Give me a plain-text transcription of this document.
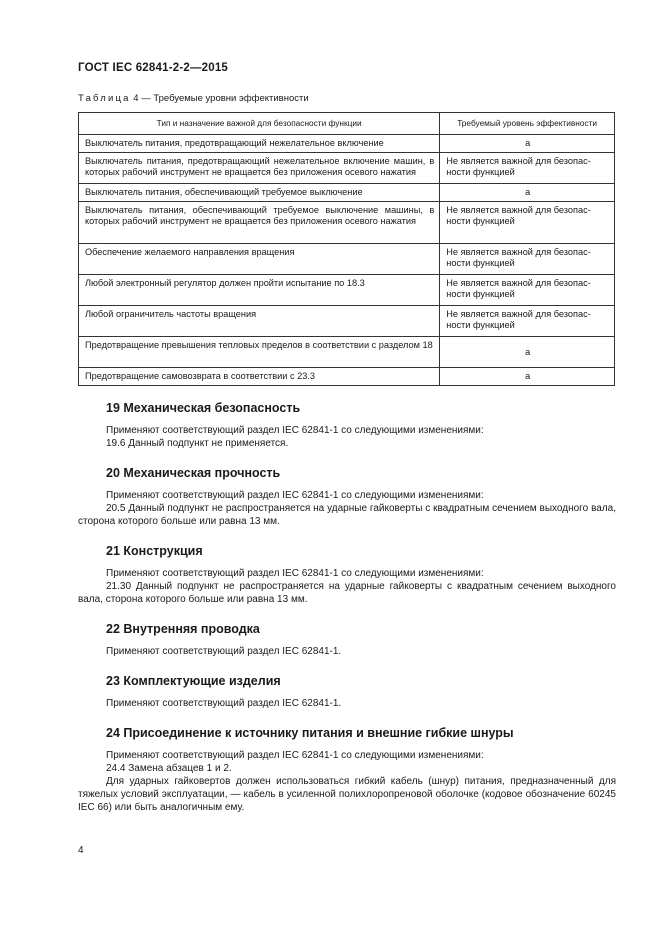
ГОСТ IEC 62841-2-2—2015
Таблица 4 — Требуемые уровни эффективности
Тип и назначение важной для безопасности функции	Требуемый уровень эффективности
Выключатель питания, предотвращающий нежелательное включение	a
Выключатель питания, предотвращающий нежелательное включение машин, в которых рабочий инструмент не вращается без приложения осевого нажатия	Не является важной для безопасности функцией
Выключатель питания, обеспечивающий требуемое выключение	a
Выключатель питания, обеспечивающий требуемое выключение машины, в которых рабочий инструмент не вращается без приложения осевого нажатия	Не является важной для безопасности функцией
Обеспечение желаемого направления вращения	Не является важной для безопасности функцией
Любой электронный регулятор должен пройти испытание по 18.3	Не является важной для безопасности функцией
Любой ограничитель частоты вращения	Не является важной для безопасности функцией
Предотвращение превышения тепловых пределов в соответствии с разделом 18	a
Предотвращение самовозврата в соответствии с 23.3	a
19 Механическая безопасность

Применяют соответствующий раздел IEC 62841-1 со следующими изменениями:

19.6 Данный подпункт не применяется.

20 Механическая прочность

Применяют соответствующий раздел IEC 62841-1 со следующими изменениями:

20.5 Данный подпункт не распространяется на ударные гайковерты с квадратным сечением выходного вала, сторона которого больше или равна 13 мм.

21 Конструкция

Применяют соответствующий раздел IEC 62841-1 со следующими изменениями:

21.30 Данный подпункт не распространяется на ударные гайковерты с квадратным сечением выходного вала, сторона которого больше или равна 13 мм.

22 Внутренняя проводка

Применяют соответствующий раздел IEC 62841-1.

23 Комплектующие изделия

Применяют соответствующий раздел IEC 62841-1.

24 Присоединение к источнику питания и внешние гибкие шнуры

Применяют соответствующий раздел IEC 62841-1 со следующими изменениями:

24.4 Замена абзацев 1 и 2.

Для ударных гайковертов должен использоваться гибкий кабель (шнур) питания, предназначенный для тяжелых условий эксплуатации, — кабель в усиленной полихлоропреновой оболочке (кодовое обозначение 60245 IEC 66) или быть аналогичным ему.

4
